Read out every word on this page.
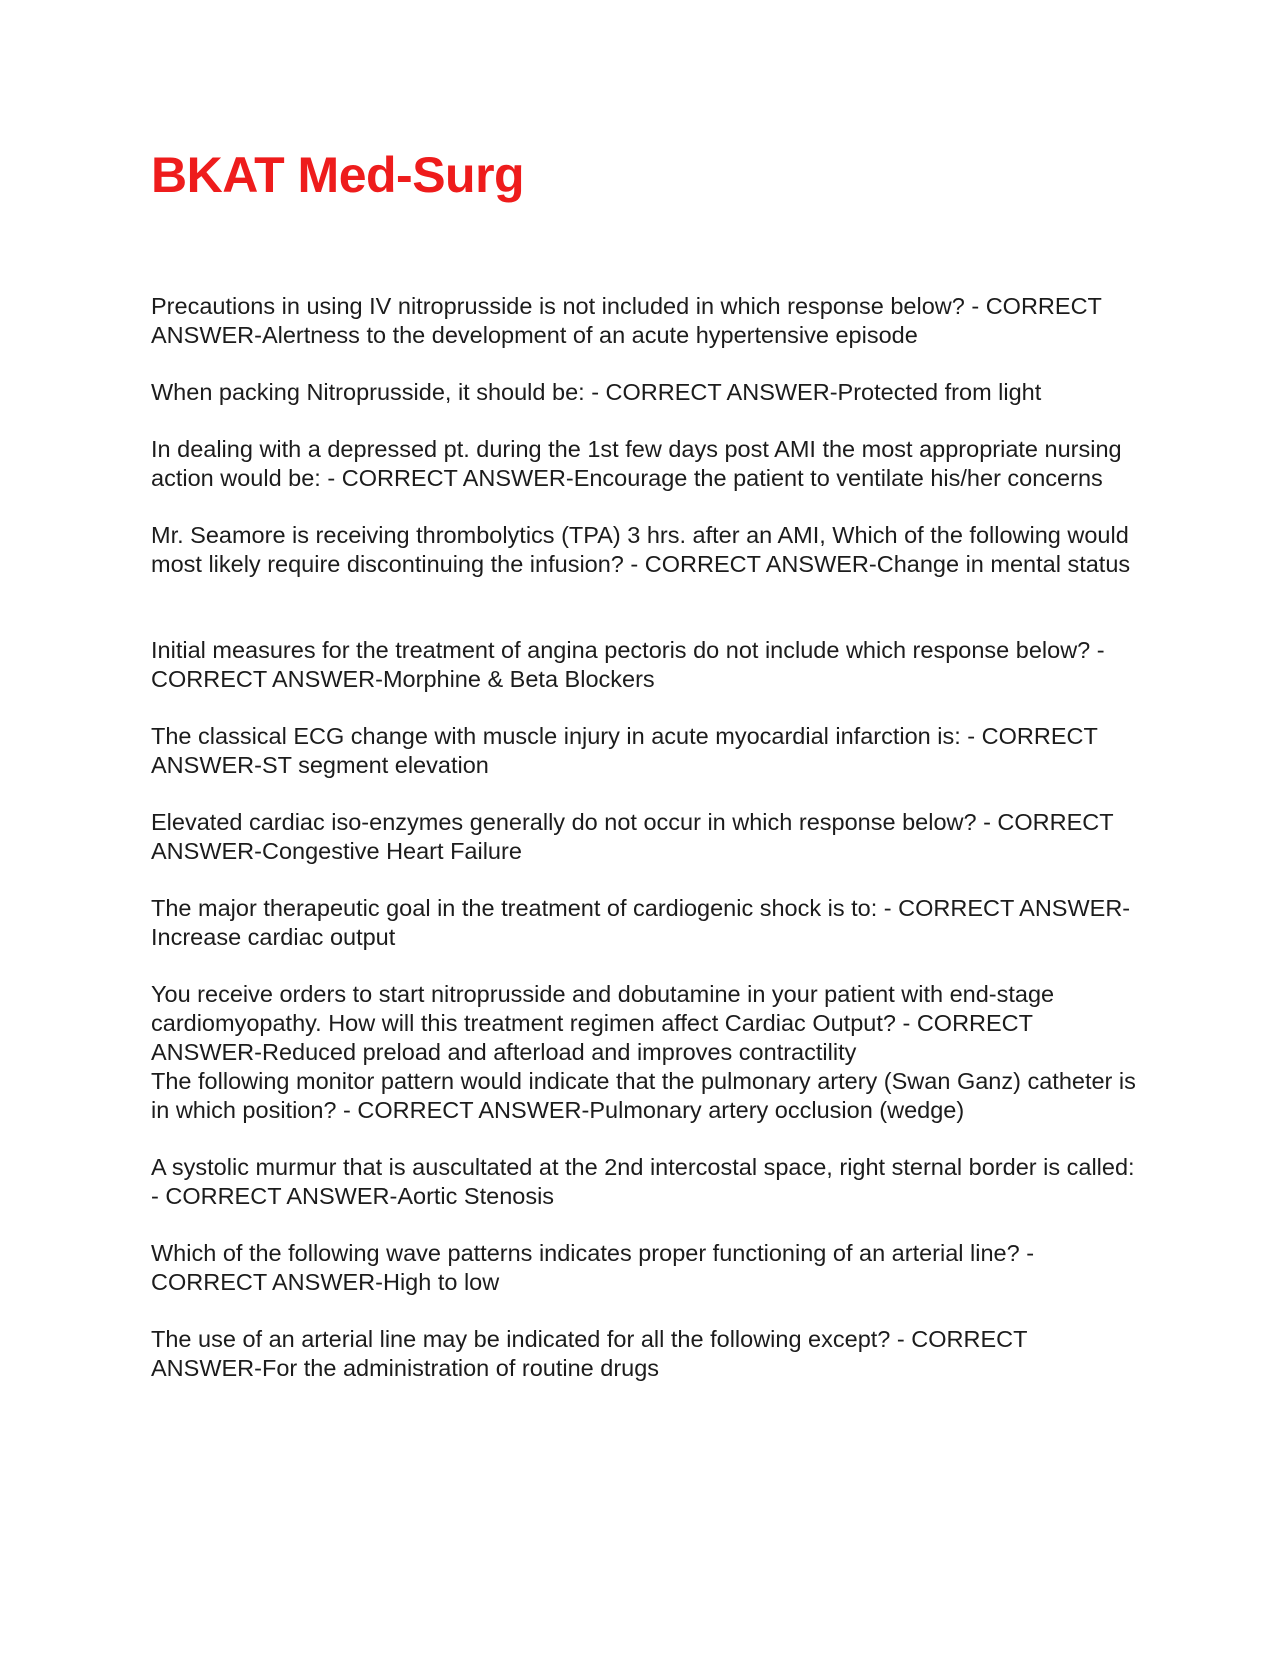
BKAT Med-Surg

Precautions in using IV nitroprusside is not included in which response below? - CORRECT ANSWER-Alertness to the development of an acute hypertensive episode

When packing Nitroprusside, it should be: - CORRECT ANSWER-Protected from light

In dealing with a depressed pt. during the 1st few days post AMI the most appropriate nursing action would be: - CORRECT ANSWER-Encourage the patient to ventilate his/her concerns

Mr. Seamore is receiving thrombolytics (TPA) 3 hrs. after an AMI, Which of the following would most likely require discontinuing the infusion? - CORRECT ANSWER-Change in mental status

Initial measures for the treatment of angina pectoris do not include which response below? - CORRECT ANSWER-Morphine & Beta Blockers

The classical ECG change with muscle injury in acute myocardial infarction is: - CORRECT ANSWER-ST segment elevation

Elevated cardiac iso-enzymes generally do not occur in which response below? - CORRECT ANSWER-Congestive Heart Failure

The major therapeutic goal in the treatment of cardiogenic shock is to: - CORRECT ANSWER-Increase cardiac output

You receive orders to start nitroprusside and dobutamine in your patient with end-stage cardiomyopathy. How will this treatment regimen affect Cardiac Output? - CORRECT ANSWER-Reduced preload and afterload and improves contractility

The following monitor pattern would indicate that the pulmonary artery (Swan Ganz) catheter is in which position? - CORRECT ANSWER-Pulmonary artery occlusion (wedge)

A systolic murmur that is auscultated at the 2nd intercostal space, right sternal border is called: - CORRECT ANSWER-Aortic Stenosis

Which of the following wave patterns indicates proper functioning of an arterial line? - CORRECT ANSWER-High to low

The use of an arterial line may be indicated for all the following except? - CORRECT ANSWER-For the administration of routine drugs
